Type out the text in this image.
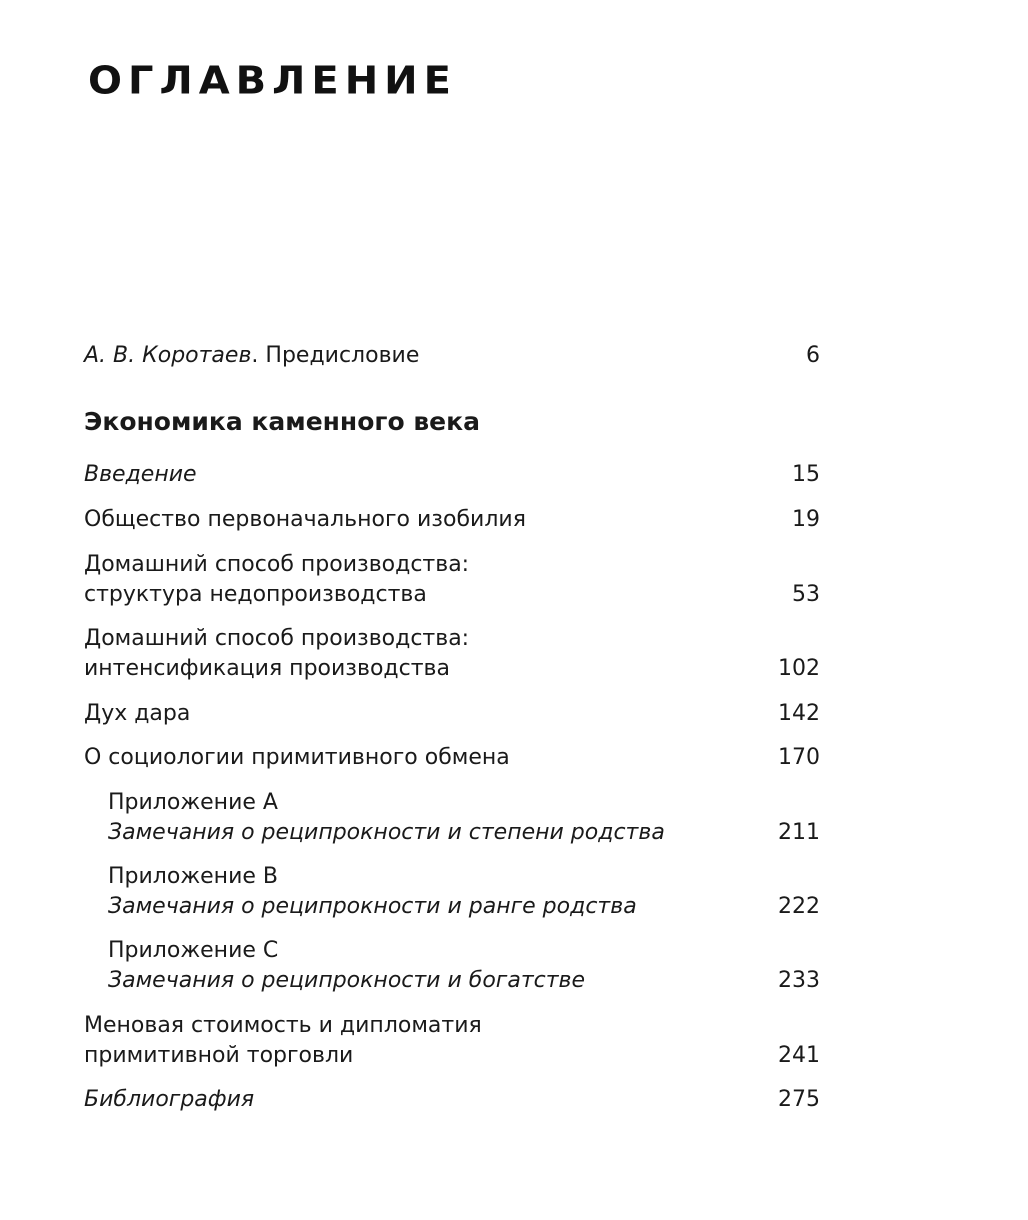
ОГЛАВЛЕНИЕ
А. В. Коротаев. Предисловие	6
Экономика каменного века
Введение	15
Общество первоначального изобилия	19
Домашний способ производства:
структура недопроизводства	53
Домашний способ производства:
интенсификация производства	102
Дух дара	142
О социологии примитивного обмена	170
Приложение A
Замечания о реципрокности и степени родства	211
Приложение B
Замечания о реципрокности и ранге родства	222
Приложение C
Замечания о реципрокности и богатстве	233
Меновая стоимость и дипломатия
примитивной торговли	241
Библиография	275
